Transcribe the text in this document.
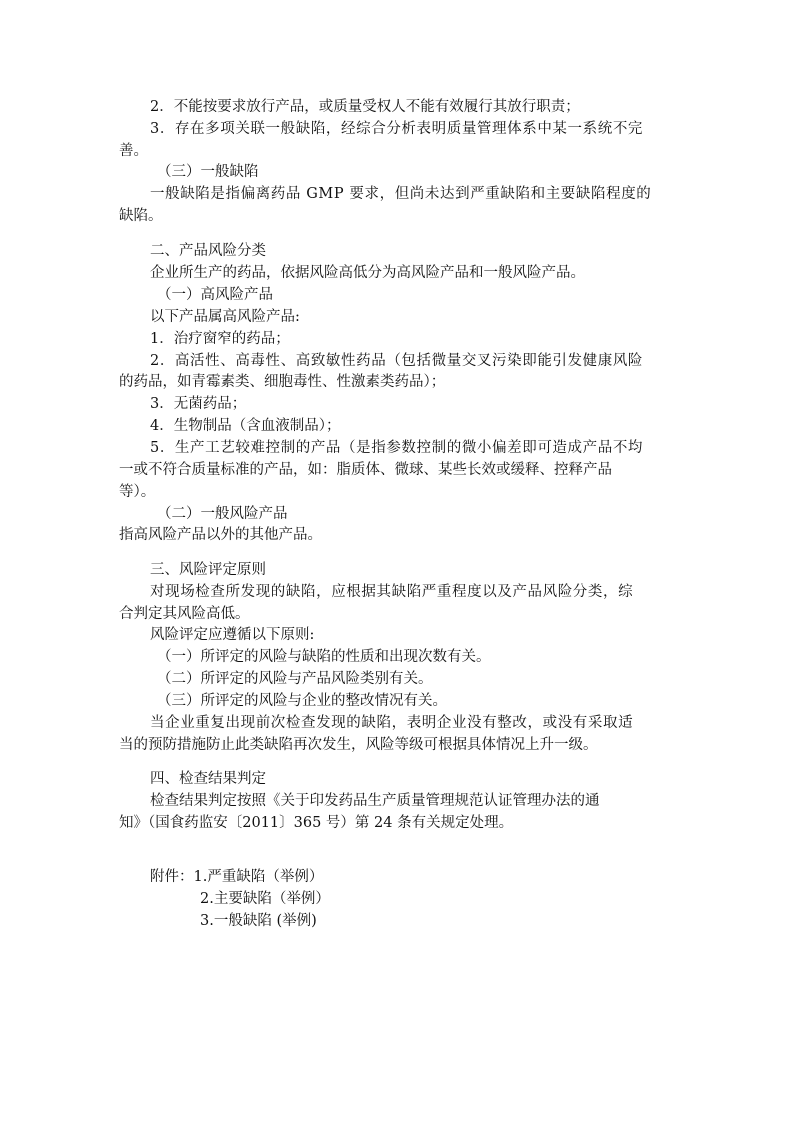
2．不能按要求放行产品，或质量受权人不能有效履行其放行职责；
3．存在多项关联一般缺陷，经综合分析表明质量管理体系中某一系统不完
善。
（三）一般缺陷
一般缺陷是指偏离药品 GMP 要求，但尚未达到严重缺陷和主要缺陷程度的
缺陷。
二、产品风险分类
企业所生产的药品，依据风险高低分为高风险产品和一般风险产品。
（一）高风险产品
以下产品属高风险产品:
1．治疗窗窄的药品；
2．高活性、高毒性、高致敏性药品（包括微量交叉污染即能引发健康风险
的药品，如青霉素类、细胞毒性、性激素类药品）；
3．无菌药品；
4．生物制品（含血液制品）；
5．生产工艺较难控制的产品（是指参数控制的微小偏差即可造成产品不均
一或不符合质量标准的产品，如：脂质体、微球、某些长效或缓释、控释产品
等）。
（二）一般风险产品
指高风险产品以外的其他产品。
三、风险评定原则
对现场检查所发现的缺陷，应根据其缺陷严重程度以及产品风险分类，综
合判定其风险高低。
风险评定应遵循以下原则:
（一）所评定的风险与缺陷的性质和出现次数有关。
（二）所评定的风险与产品风险类别有关。
（三）所评定的风险与企业的整改情况有关。
当企业重复出现前次检查发现的缺陷，表明企业没有整改，或没有采取适
当的预防措施防止此类缺陷再次发生，风险等级可根据具体情况上升一级。
四、检查结果判定
检查结果判定按照《关于印发药品生产质量管理规范认证管理办法的通
知》（国食药监安〔2011〕365 号）第 24 条有关规定处理。
附件：1.严重缺陷（举例）
2.主要缺陷（举例）
3.一般缺陷 (举例)
